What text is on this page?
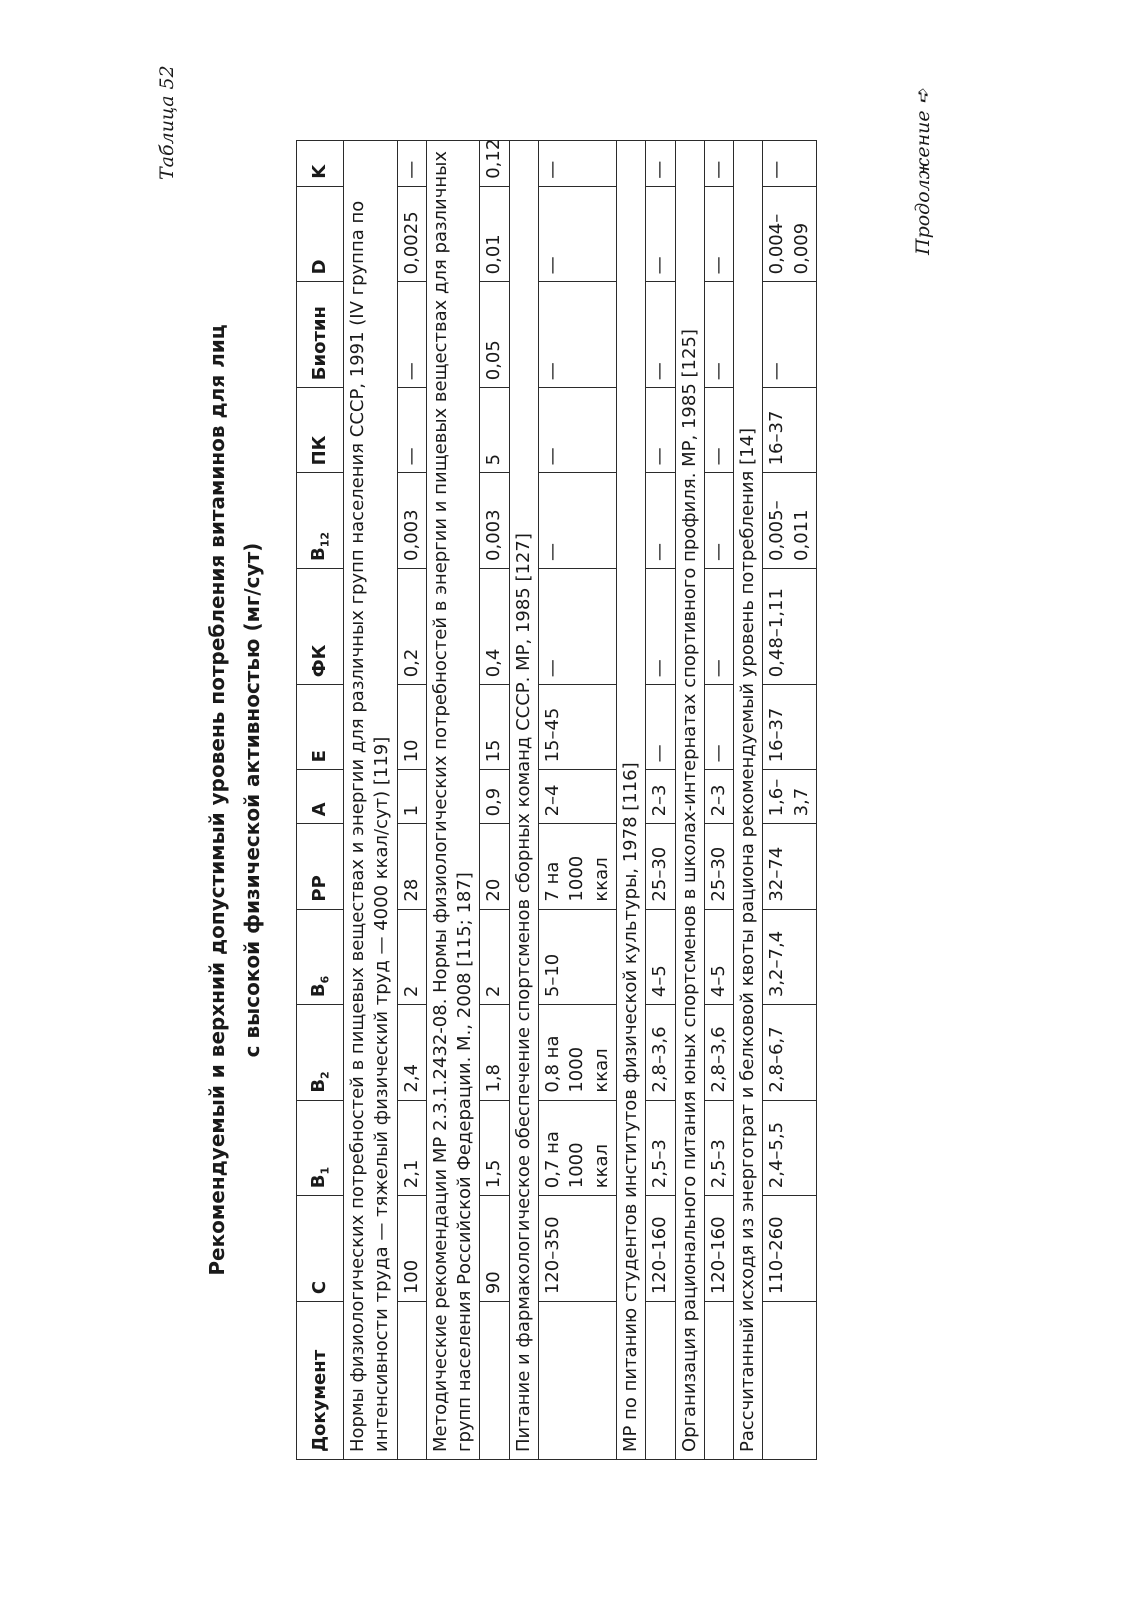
Таблица 52
Рекомендуемый и верхний допустимый уровень потребления витаминов для лиц с высокой физической активностью (мг/сут)
Документ	C	$В_1$	$В_2$	$В_6$	PP	A	E	ФК	$В_{12}$	ПК	Биотин	D	K
Нормы физиологических потребностей в пищевых веществах и энергии для различных групп населения СССР, 1991 (IV группа по интенсивности труда — тяжелый физический труд — 4000 ккал/сут) [119]													
	100	2,1	2,4	2	28	1	10	0,2	0,003	—	—	0,0025	—
Методические рекомендации МР 2.3.1.2432-08. Нормы физиологических потребностей в энергии и пищевых веществах для различных групп населения Российской Федерации. М., 2008 [115; 187]													
	90	1,5	1,8	2	20	0,9	15	0,4	0,003	5	0,05	0,01	0,12
Питание и фармакологическое обеспечение спортсменов сборных команд СССР. МР, 1985 [127]													
	120–350	0,7 на 1000 ккал	0,8 на 1000 ккал	5–10	7 на 1000 ккал	2–4	15–45	—	—	—	—	—	—
МР по питанию студентов институтов физической культуры, 1978 [116]													
	120–160	2,5–3	2,8–3,6	4–5	25–30	2–3	—	—	—	—	—	—	—
Организация рационального питания юных спортсменов в школах-интернатах спортивного профиля. МР, 1985 [125]													
	120–160	2,5–3	2,8–3,6	4–5	25–30	2–3	—	—	—	—	—	—	—
Рассчитанный исходя из энерготрат и белковой квоты рациона рекомендуемый уровень потребления [14]													
	110–260	2,4–5,5	2,8–6,7	3,2–7,4	32–74	1,6–3,7	16–37	0,48–1,11	0,005–0,011	16–37	—	0,004–0,009	—	Продолжение ➪
